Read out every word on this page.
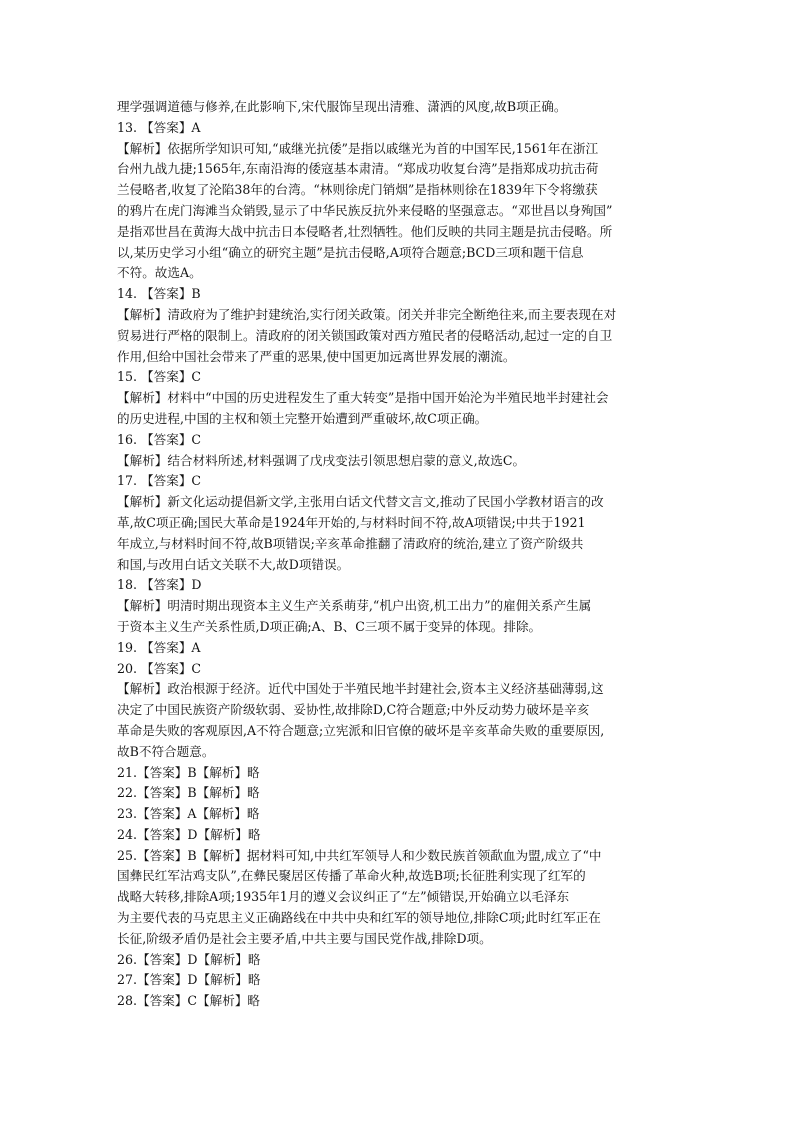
理学强调道德与修养,在此影响下,宋代服饰呈现出清雅、潇洒的风度,故B项正确。
13. 【答案】A
【解析】依据所学知识可知,“戚继光抗倭”是指以戚继光为首的中国军民,1561年在浙江
台州九战九捷;1565年,东南沿海的倭寇基本肃清。“郑成功收复台湾”是指郑成功抗击荷
兰侵略者,收复了沦陷38年的台湾。“林则徐虎门销烟”是指林则徐在1839年下令将缴获
的鸦片在虎门海滩当众销毁,显示了中华民族反抗外来侵略的坚强意志。“邓世昌以身殉国”
是指邓世昌在黄海大战中抗击日本侵略者,壮烈牺牲。他们反映的共同主题是抗击侵略。所
以,某历史学习小组“确立的研究主题”是抗击侵略,A项符合题意;BCD三项和题干信息
不符。故选A。
14. 【答案】B
【解析】清政府为了维护封建统治,实行闭关政策。闭关并非完全断绝往来,而主要表现在对
贸易进行严格的限制上。清政府的闭关锁国政策对西方殖民者的侵略活动,起过一定的自卫
作用,但给中国社会带来了严重的恶果,使中国更加远离世界发展的潮流。
15. 【答案】C
【解析】材料中“中国的历史进程发生了重大转变”是指中国开始沦为半殖民地半封建社会
的历史进程,中国的主权和领土完整开始遭到严重破坏,故C项正确。
16. 【答案】C
【解析】结合材料所述,材料强调了戊戌变法引领思想启蒙的意义,故选C。
17. 【答案】C
【解析】新文化运动提倡新文学,主张用白话文代替文言文,推动了民国小学教材语言的改
革,故C项正确;国民大革命是1924年开始的,与材料时间不符,故A项错误;中共于1921
年成立,与材料时间不符,故B项错误;辛亥革命推翻了清政府的统治,建立了资产阶级共
和国,与改用白话文关联不大,故D项错误。
18. 【答案】D
【解析】明清时期出现资本主义生产关系萌芽,“机户出资,机工出力”的雇佣关系产生属
于资本主义生产关系性质,D项正确;A、B、C三项不属于变异的体现。排除。
19. 【答案】A
20. 【答案】C
【解析】政治根源于经济。近代中国处于半殖民地半封建社会,资本主义经济基础薄弱,这
决定了中国民族资产阶级软弱、妥协性,故排除D,C符合题意;中外反动势力破坏是辛亥
革命是失败的客观原因,A不符合题意;立宪派和旧官僚的破坏是辛亥革命失败的重要原因,
故B不符合题意。
21.【答案】B【解析】略
22.【答案】B【解析】略
23.【答案】A【解析】略
24.【答案】D【解析】略
25.【答案】B【解析】据材料可知,中共红军领导人和少数民族首领歃血为盟,成立了“中
国彝民红军沽鸡支队”,在彝民聚居区传播了革命火种,故选B项;长征胜利实现了红军的
战略大转移,排除A项;1935年1月的遵义会议纠正了“左”倾错误,开始确立以毛泽东
为主要代表的马克思主义正确路线在中共中央和红军的领导地位,排除C项;此时红军正在
长征,阶级矛盾仍是社会主要矛盾,中共主要与国民党作战,排除D项。
26.【答案】D【解析】略
27.【答案】D【解析】略
28.【答案】C【解析】略
